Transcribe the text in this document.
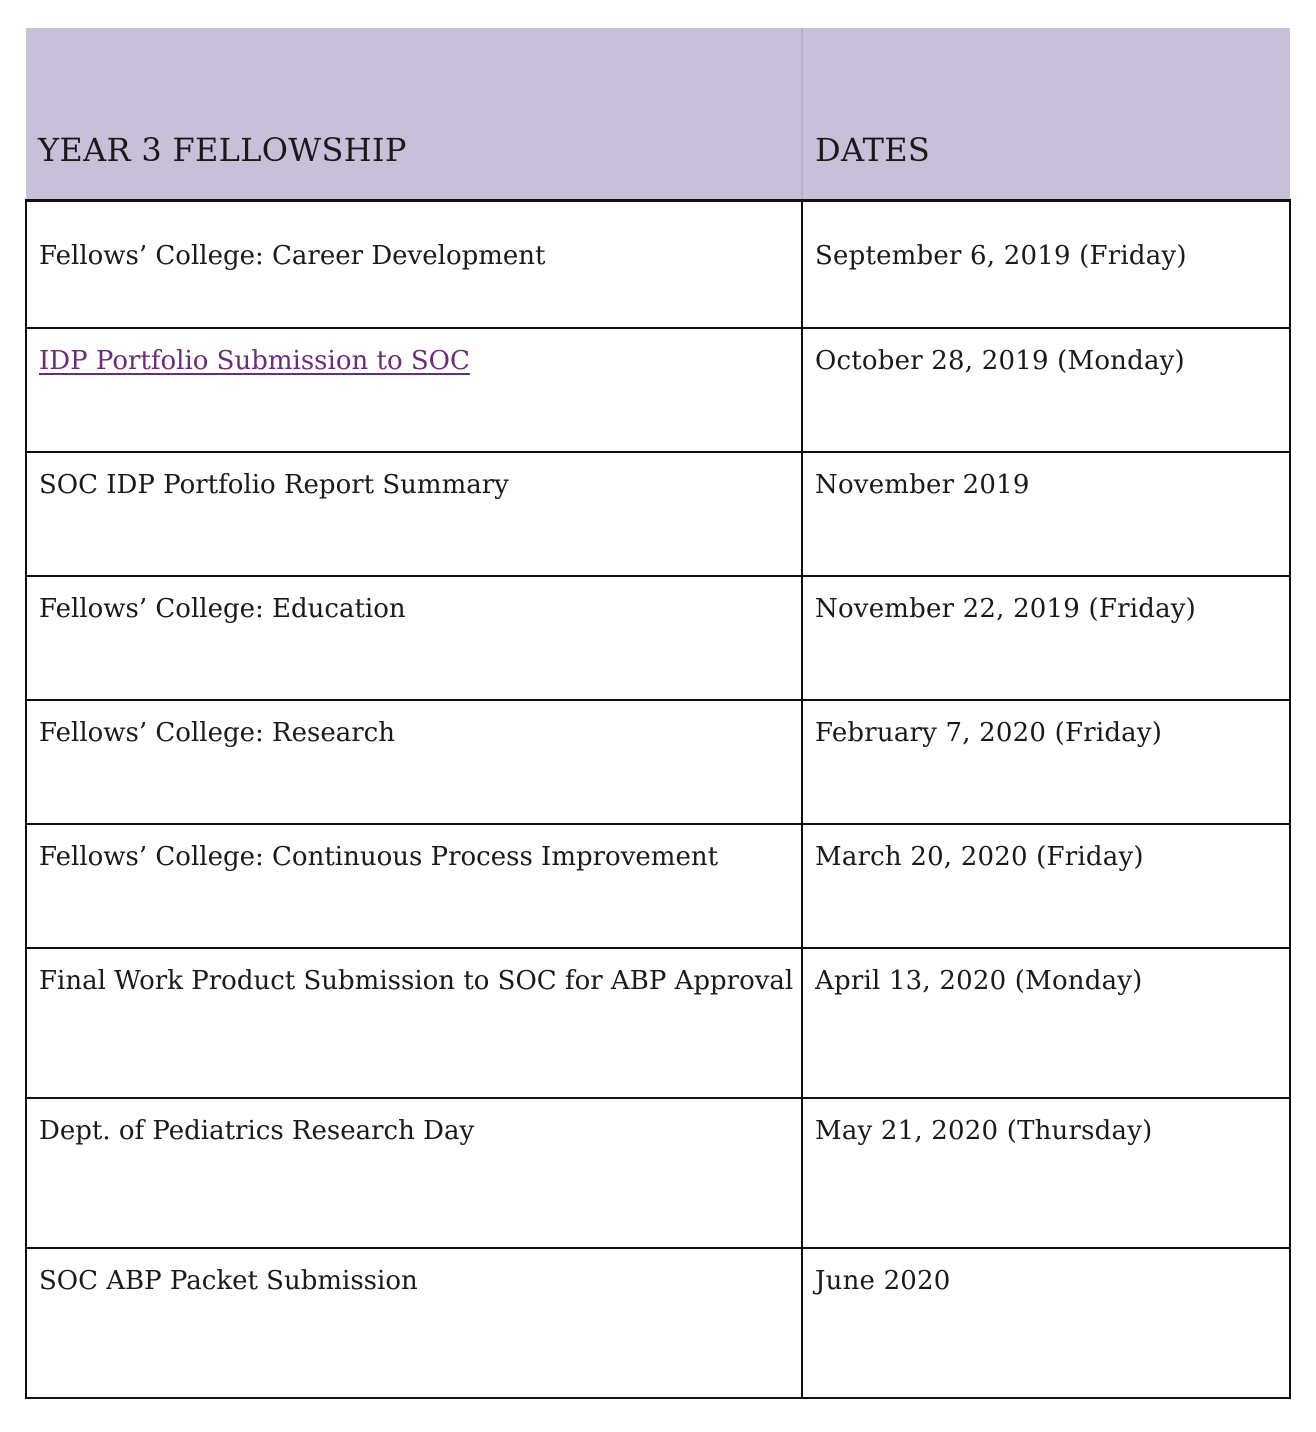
YEAR 3 FELLOWSHIP	DATES
Fellows’ College: Career Development	September 6, 2019 (Friday)
IDP Portfolio Submission to SOC	October 28, 2019 (Monday)
SOC IDP Portfolio Report Summary	November 2019
Fellows’ College: Education	November 22, 2019 (Friday)
Fellows’ College: Research	February 7, 2020 (Friday)
Fellows’ College: Continuous Process Improvement	March 20, 2020 (Friday)
Final Work Product Submission to SOC for ABP Approval	April 13, 2020 (Monday)
Dept. of Pediatrics Research Day	May 21, 2020 (Thursday)
SOC ABP Packet Submission	June 2020
